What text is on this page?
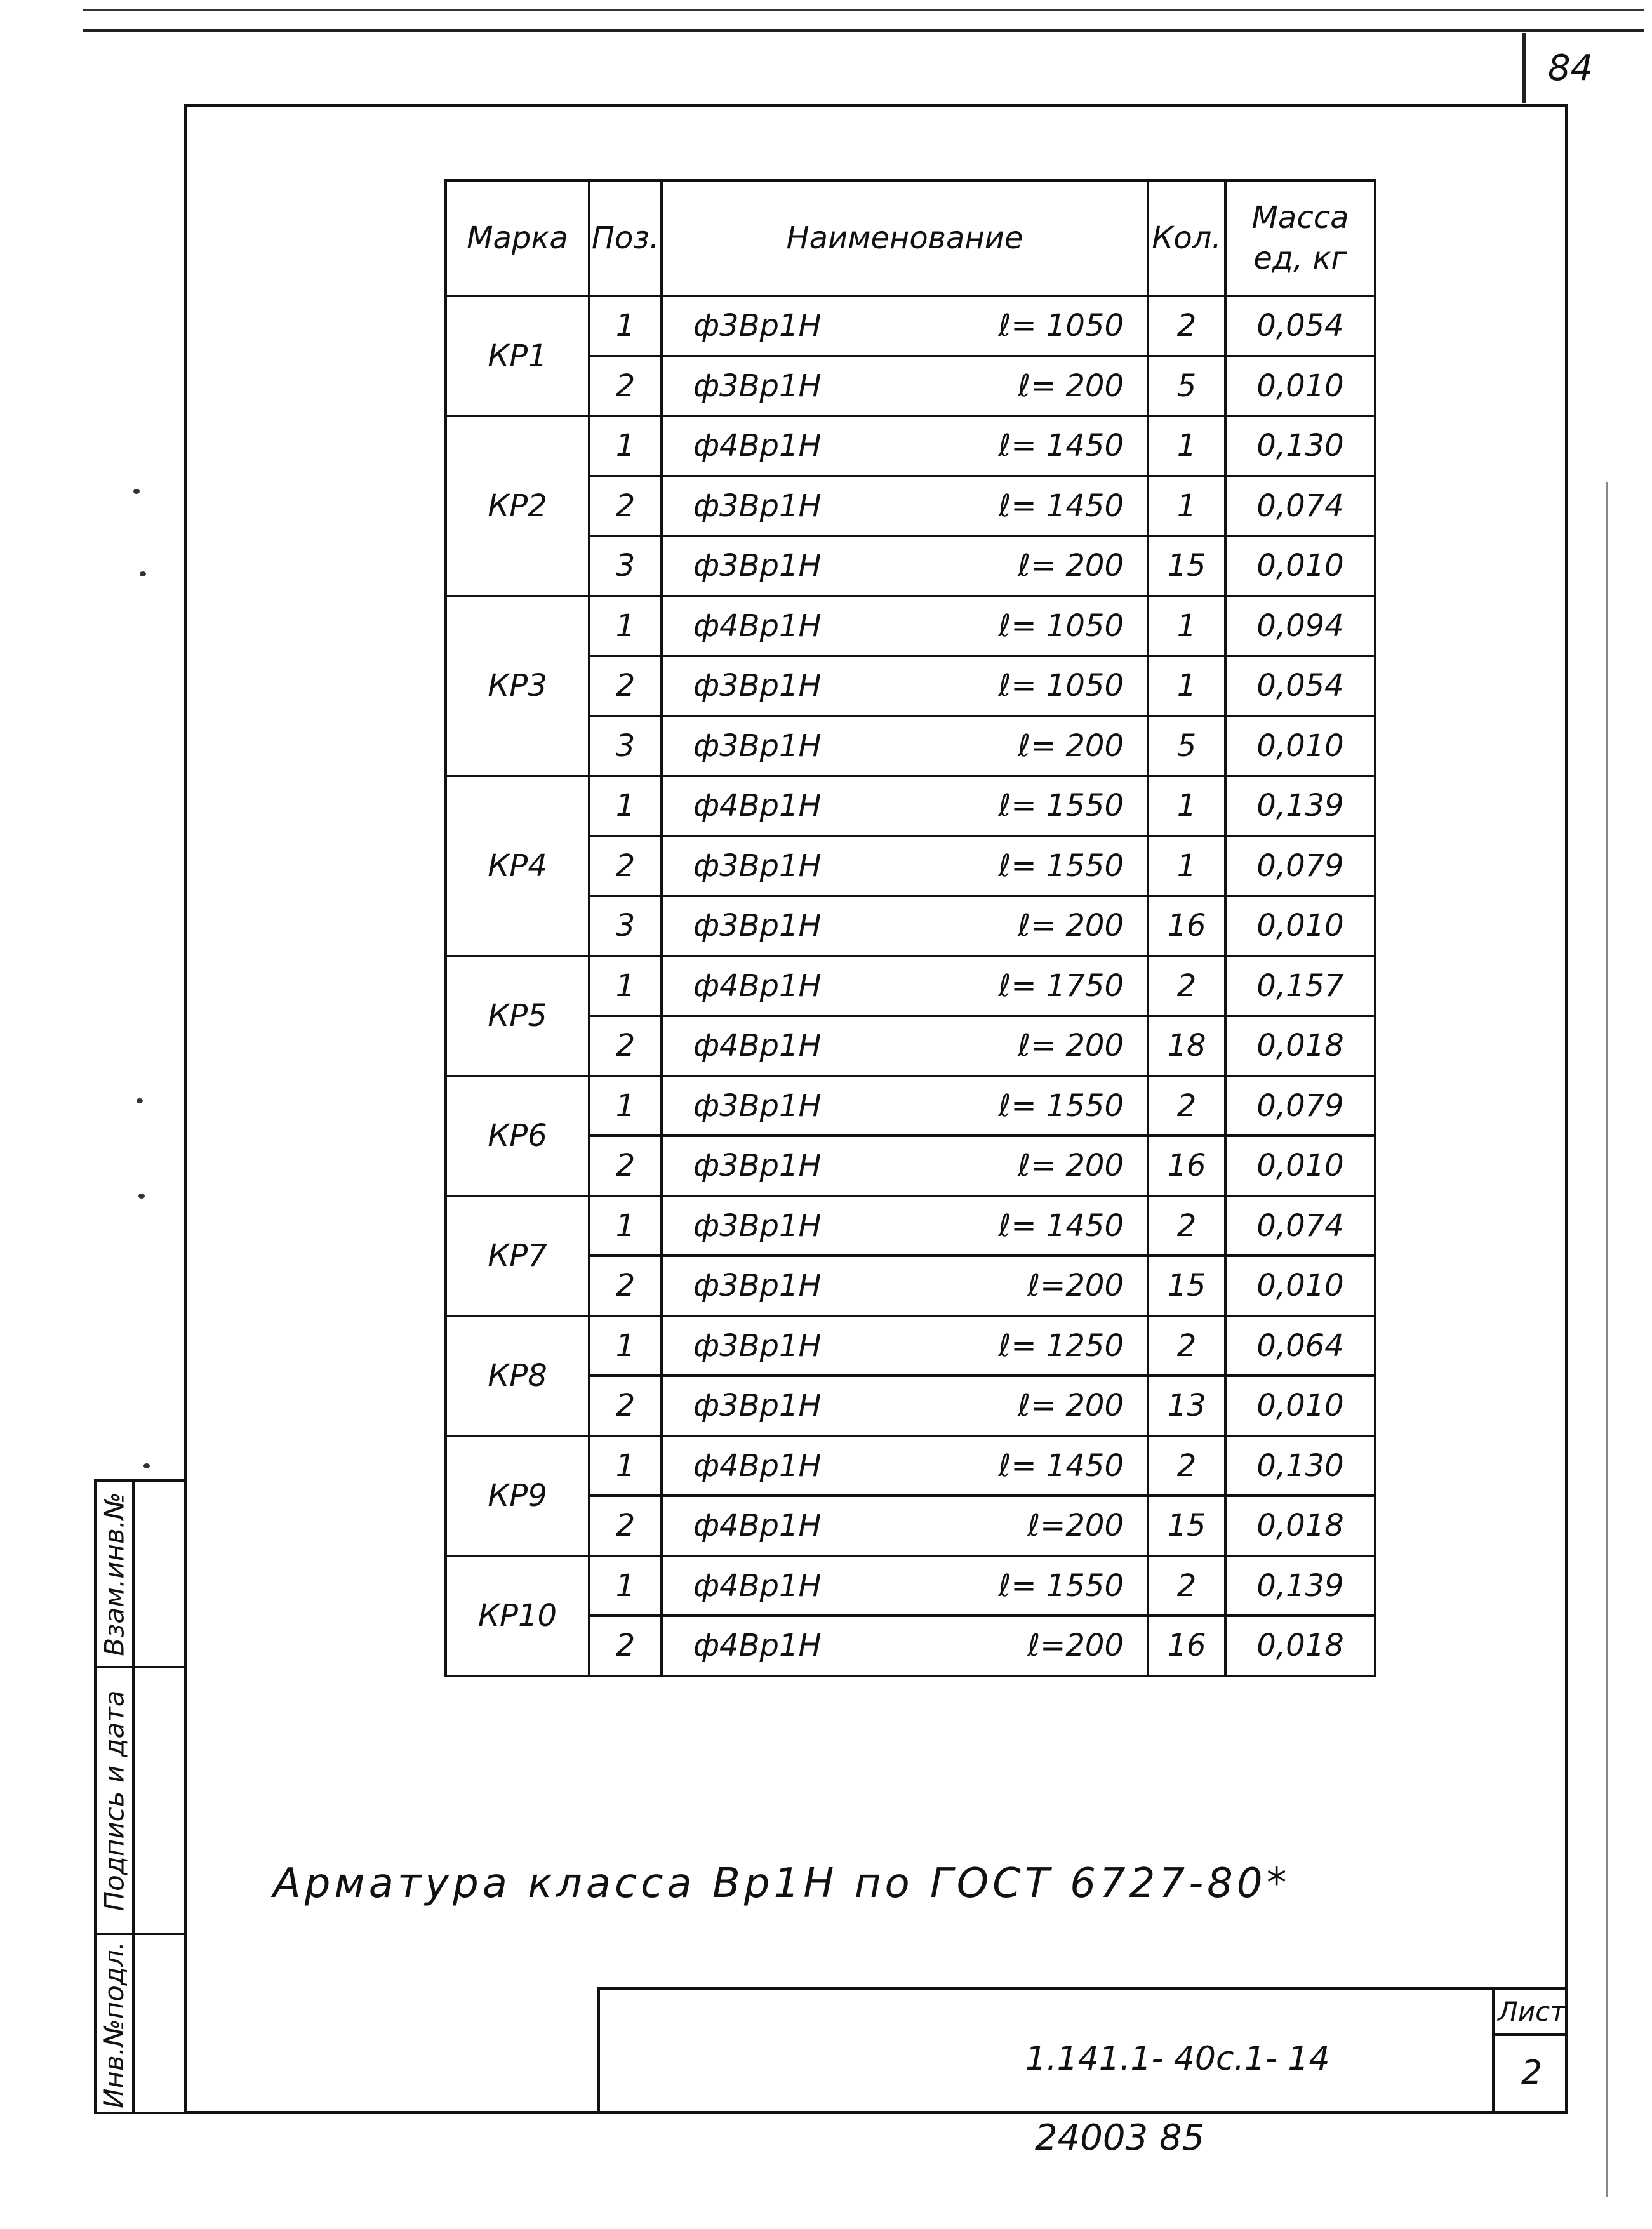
84
Взам.инв.№
Подпись и дата
Инв.№подл.
Марка	Поз.	Наименование	Кол.	Масса
ед, кг

КР1	1	ф3Вр1Н ℓ= 1050	2	0,054
	2	ф3Вр1Н ℓ= 200	5	0,010
КР2	1	ф4Вр1Н ℓ= 1450	1	0,130
	2	ф3Вр1Н ℓ= 1450	1	0,074
	3	ф3Вр1Н ℓ= 200	15	0,010
КР3	1	ф4Вр1Н ℓ= 1050	1	0,094
	2	ф3Вр1Н ℓ= 1050	1	0,054
	3	ф3Вр1Н ℓ= 200	5	0,010
КР4	1	ф4Вр1Н ℓ= 1550	1	0,139
	2	ф3Вр1Н ℓ= 1550	1	0,079
	3	ф3Вр1Н ℓ= 200	16	0,010
КР5	1	ф4Вр1Н ℓ= 1750	2	0,157
	2	ф4Вр1Н ℓ= 200	18	0,018
КР6	1	ф3Вр1Н ℓ= 1550	2	0,079
	2	ф3Вр1Н ℓ= 200	16	0,010
КР7	1	ф3Вр1Н ℓ= 1450	2	0,074
	2	ф3Вр1Н ℓ=200	15	0,010
КР8	1	ф3Вр1Н ℓ= 1250	2	0,064
	2	ф3Вр1Н ℓ= 200	13	0,010
КР9	1	ф4Вр1Н ℓ= 1450	2	0,130
	2	ф4Вр1Н ℓ=200	15	0,018
КР10	1	ф4Вр1Н ℓ= 1550	2	0,139
	2	ф4Вр1Н ℓ=200	16	0,018
Арматура класса Вр1Н по ГОСТ 6727-80*
1.141.1- 40с.1- 14
Лист
2
24003 85
